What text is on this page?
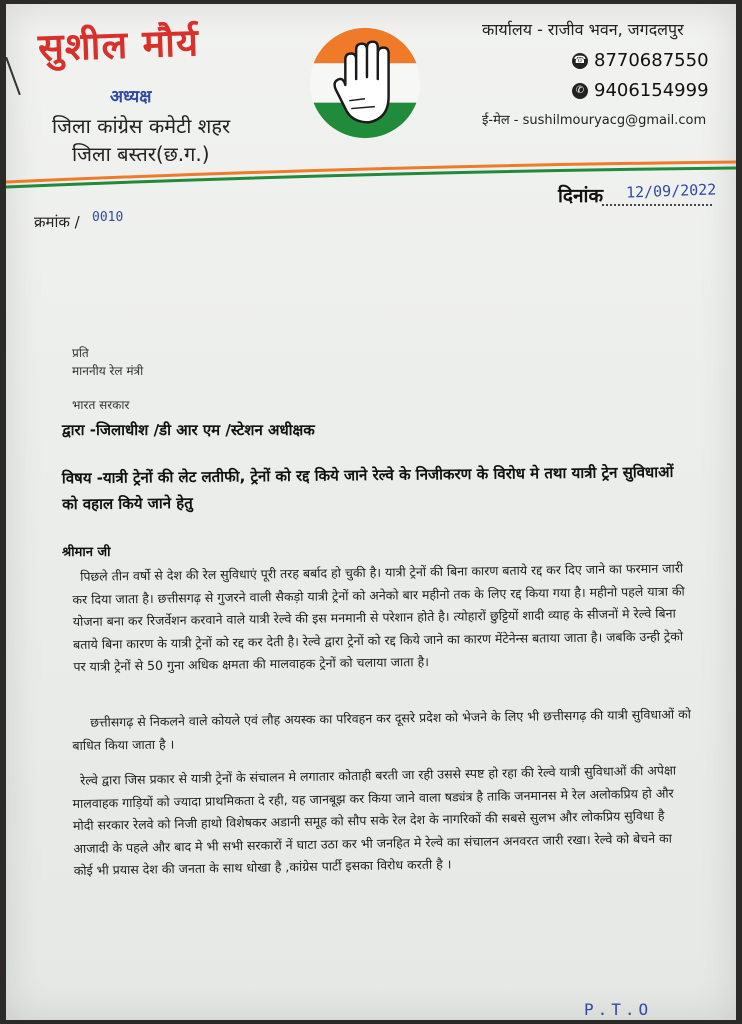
सुशील मौर्य
अध्यक्ष
जिला कांग्रेस कमेटी शहर
जिला बस्तर(छ.ग.)
कार्यालय - राजीव भवन, जगदलपुर
☎ 8770687550
✆ 9406154999
ई-मेल - sushilmouryacg@gmail.com
दिनांक 12/09/2022
क्रमांक / 0010
प्रति
माननीय रेल मंत्री
भारत सरकार
द्वारा -जिलाधीश /डी आर एम /स्टेशन अधीक्षक
विषय -यात्री ट्रेनों की लेट लतीफी, ट्रेनों को रद्द किये जाने रेल्वे के निजीकरण के विरोध मे तथा यात्री ट्रेन सुविधाओं को वहाल किये जाने हेतु
श्रीमान जी
पिछले तीन वर्षो से देश की रेल सुविधाएं पूरी तरह बर्बाद हो चुकी है। यात्री ट्रेनों की बिना कारण बताये रद्द कर दिए जाने का फरमान जारी कर दिया जाता है। छत्तीसगढ़ से गुजरने वाली सैकड़ो यात्री ट्रेनों को अनेको बार महीनो तक के लिए रद्द किया गया है। महीनो पहले यात्रा की योजना बना कर रिजर्वेशन करवाने वाले यात्री रेल्वे की इस मनमानी से परेशान होते है। त्योहारों छुट्टियों शादी व्याह के सीजनों मे रेल्वे बिना बताये बिना कारण के यात्री ट्रेनों को रद्द कर देती है। रेल्वे द्वारा ट्रेनों को रद्द किये जाने का कारण मेंटेनेन्स बताया जाता है। जबकि उन्ही ट्रेको पर यात्री ट्रेनों से 50 गुना अधिक क्षमता की मालवाहक ट्रेनों को चलाया जाता है।
छत्तीसगढ़ से निकलने वाले कोयले एवं लौह अयस्क का परिवहन कर दूसरे प्रदेश को भेजने के लिए भी छत्तीसगढ़ की यात्री सुविधाओं को बाधित किया जाता है ।
रेल्वे द्वारा जिस प्रकार से यात्री ट्रेनों के संचालन मे लगातार कोताही बरती जा रही उससे स्पष्ट हो रहा की रेल्वे यात्री सुविधाओं की अपेक्षा मालवाहक गाड़ियों को ज्यादा प्राथमिकता दे रही, यह जानबूझ कर किया जाने वाला षड्यंत्र है ताकि जनमानस मे रेल अलोकप्रिय हो और मोदी सरकार रेलवे को निजी हाथो विशेषकर अडानी समूह को सौप सके रेल देश के नागरिकों की सबसे सुलभ और लोकप्रिय सुविधा है आजादी के पहले और बाद मे भी सभी सरकारों नें घाटा उठा कर भी जनहित मे रेल्वे का संचालन अनवरत जारी रखा। रेल्वे को बेचने का कोई भी प्रयास देश की जनता के साथ धोखा है ,कांग्रेस पार्टी इसका विरोध करती है ।
P.T.O
